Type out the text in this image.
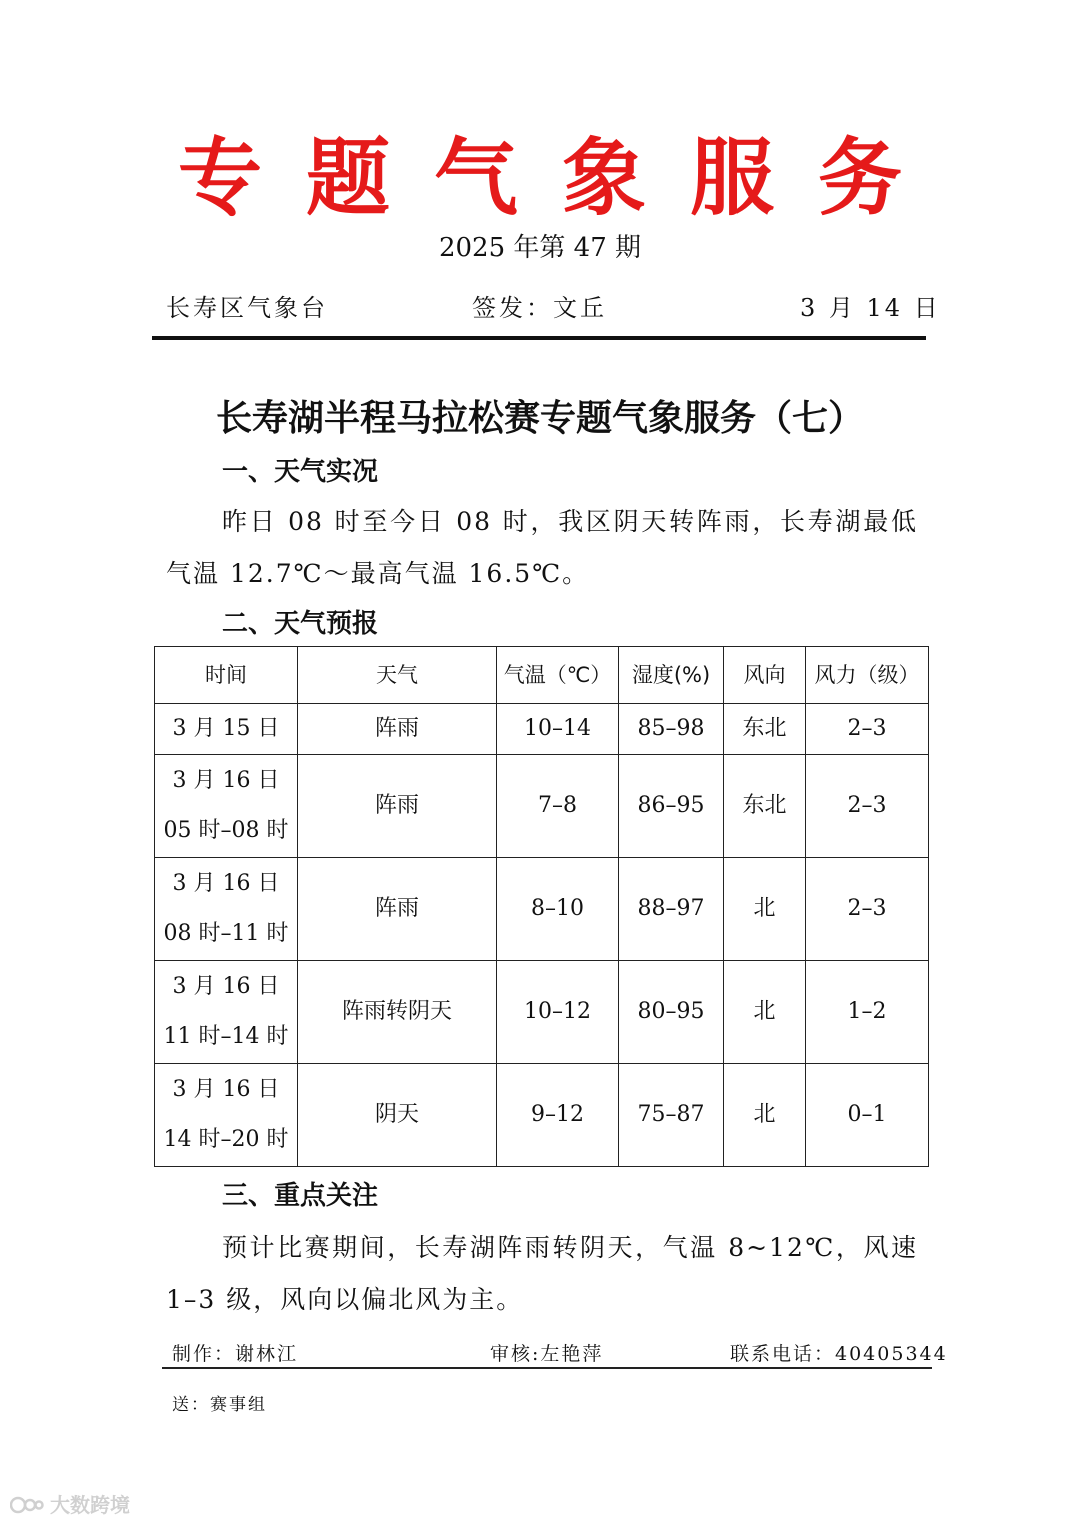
专题气象服务
2025 年第 47 期
长寿区气象台	签发：文丘	3 月 14 日
长寿湖半程马拉松赛专题气象服务（七）
一、天气实况
昨日 08 时至今日 08 时，我区阴天转阵雨，长寿湖最低气温 12.7℃～最高气温 16.5℃。
二、天气预报
时间	天气	气温（℃）	湿度(%)	风向	风力（级）

3 月 15 日	阵雨	10–14	85–98	东北	2–3

3 月 16 日
05 时–08 时	阵雨	7–8	86–95	东北	2–3

3 月 16 日
08 时–11 时	阵雨	8–10	88–97	北	2–3

3 月 16 日
11 时–14 时	阵雨转阴天	10–12	80–95	北	1–2

3 月 16 日
14 时–20 时	阴天	9–12	75–87	北	0–1
三、重点关注
预计比赛期间，长寿湖阵雨转阴天，气温 8~12℃，风速 1–3 级，风向以偏北风为主。
制作：谢林江	审核:左艳萍	联系电话：40405344
送：赛事组
大数跨境
